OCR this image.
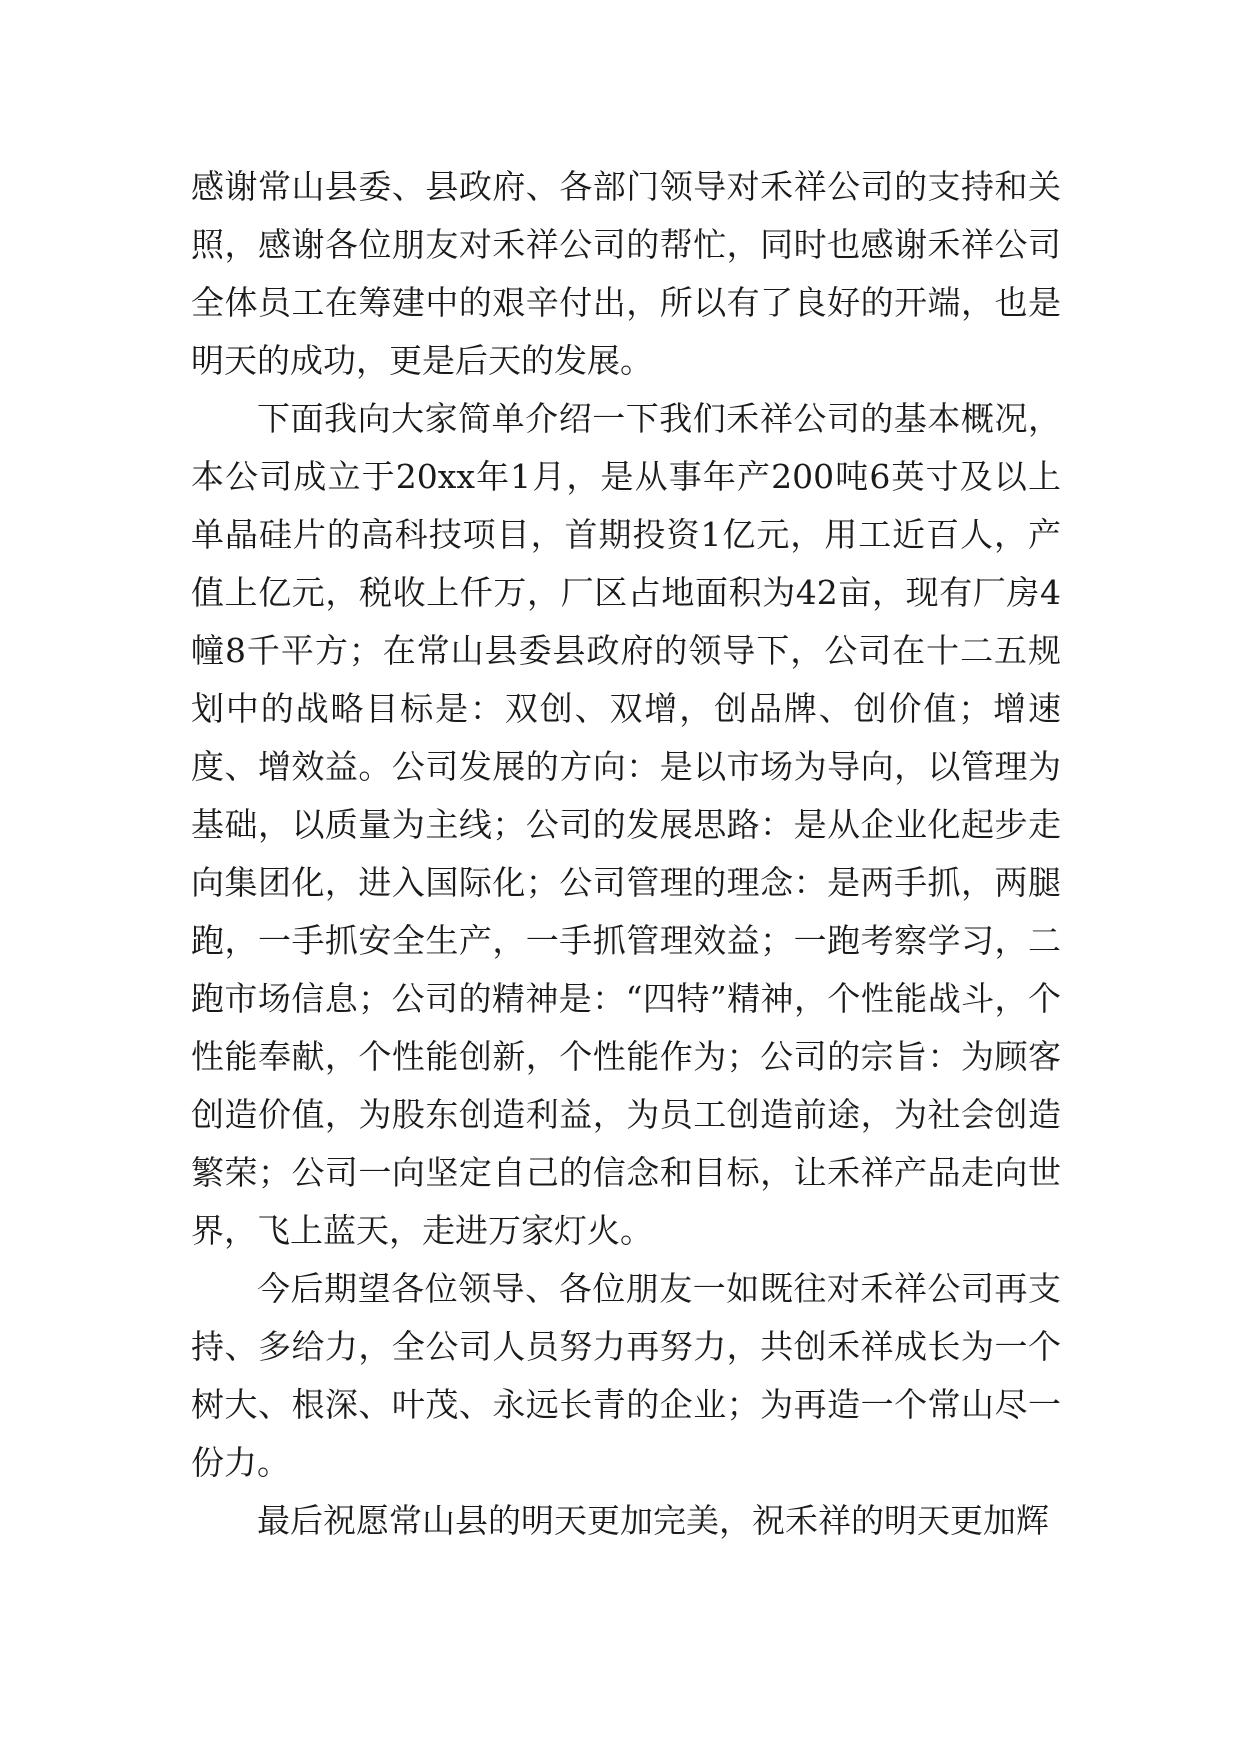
感谢常山县委、县政府、各部门领导对禾祥公司的支持和关照，感谢各位朋友对禾祥公司的帮忙，同时也感谢禾祥公司全体员工在筹建中的艰辛付出，所以有了良好的开端，也是明天的成功，更是后天的发展。

下面我向大家简单介绍一下我们禾祥公司的基本概况，本公司成立于20xx年1月，是从事年产200吨6英寸及以上单晶硅片的高科技项目，首期投资1亿元，用工近百人，产值上亿元，税收上仟万，厂区占地面积为42亩，现有厂房4幢8千平方；在常山县委县政府的领导下，公司在十二五规划中的战略目标是：双创、双增，创品牌、创价值；增速度、增效益。公司发展的方向：是以市场为导向，以管理为基础，以质量为主线；公司的发展思路：是从企业化起步走向集团化，进入国际化；公司管理的理念：是两手抓，两腿跑，一手抓安全生产，一手抓管理效益；一跑考察学习，二跑市场信息；公司的精神是：“四特”精神，个性能战斗，个性能奉献，个性能创新，个性能作为；公司的宗旨：为顾客创造价值，为股东创造利益，为员工创造前途，为社会创造繁荣；公司一向坚定自己的信念和目标，让禾祥产品走向世界，飞上蓝天，走进万家灯火。

今后期望各位领导、各位朋友一如既往对禾祥公司再支持、多给力，全公司人员努力再努力，共创禾祥成长为一个树大、根深、叶茂、永远长青的企业；为再造一个常山尽一份力。

最后祝愿常山县的明天更加完美，祝禾祥的明天更加辉
